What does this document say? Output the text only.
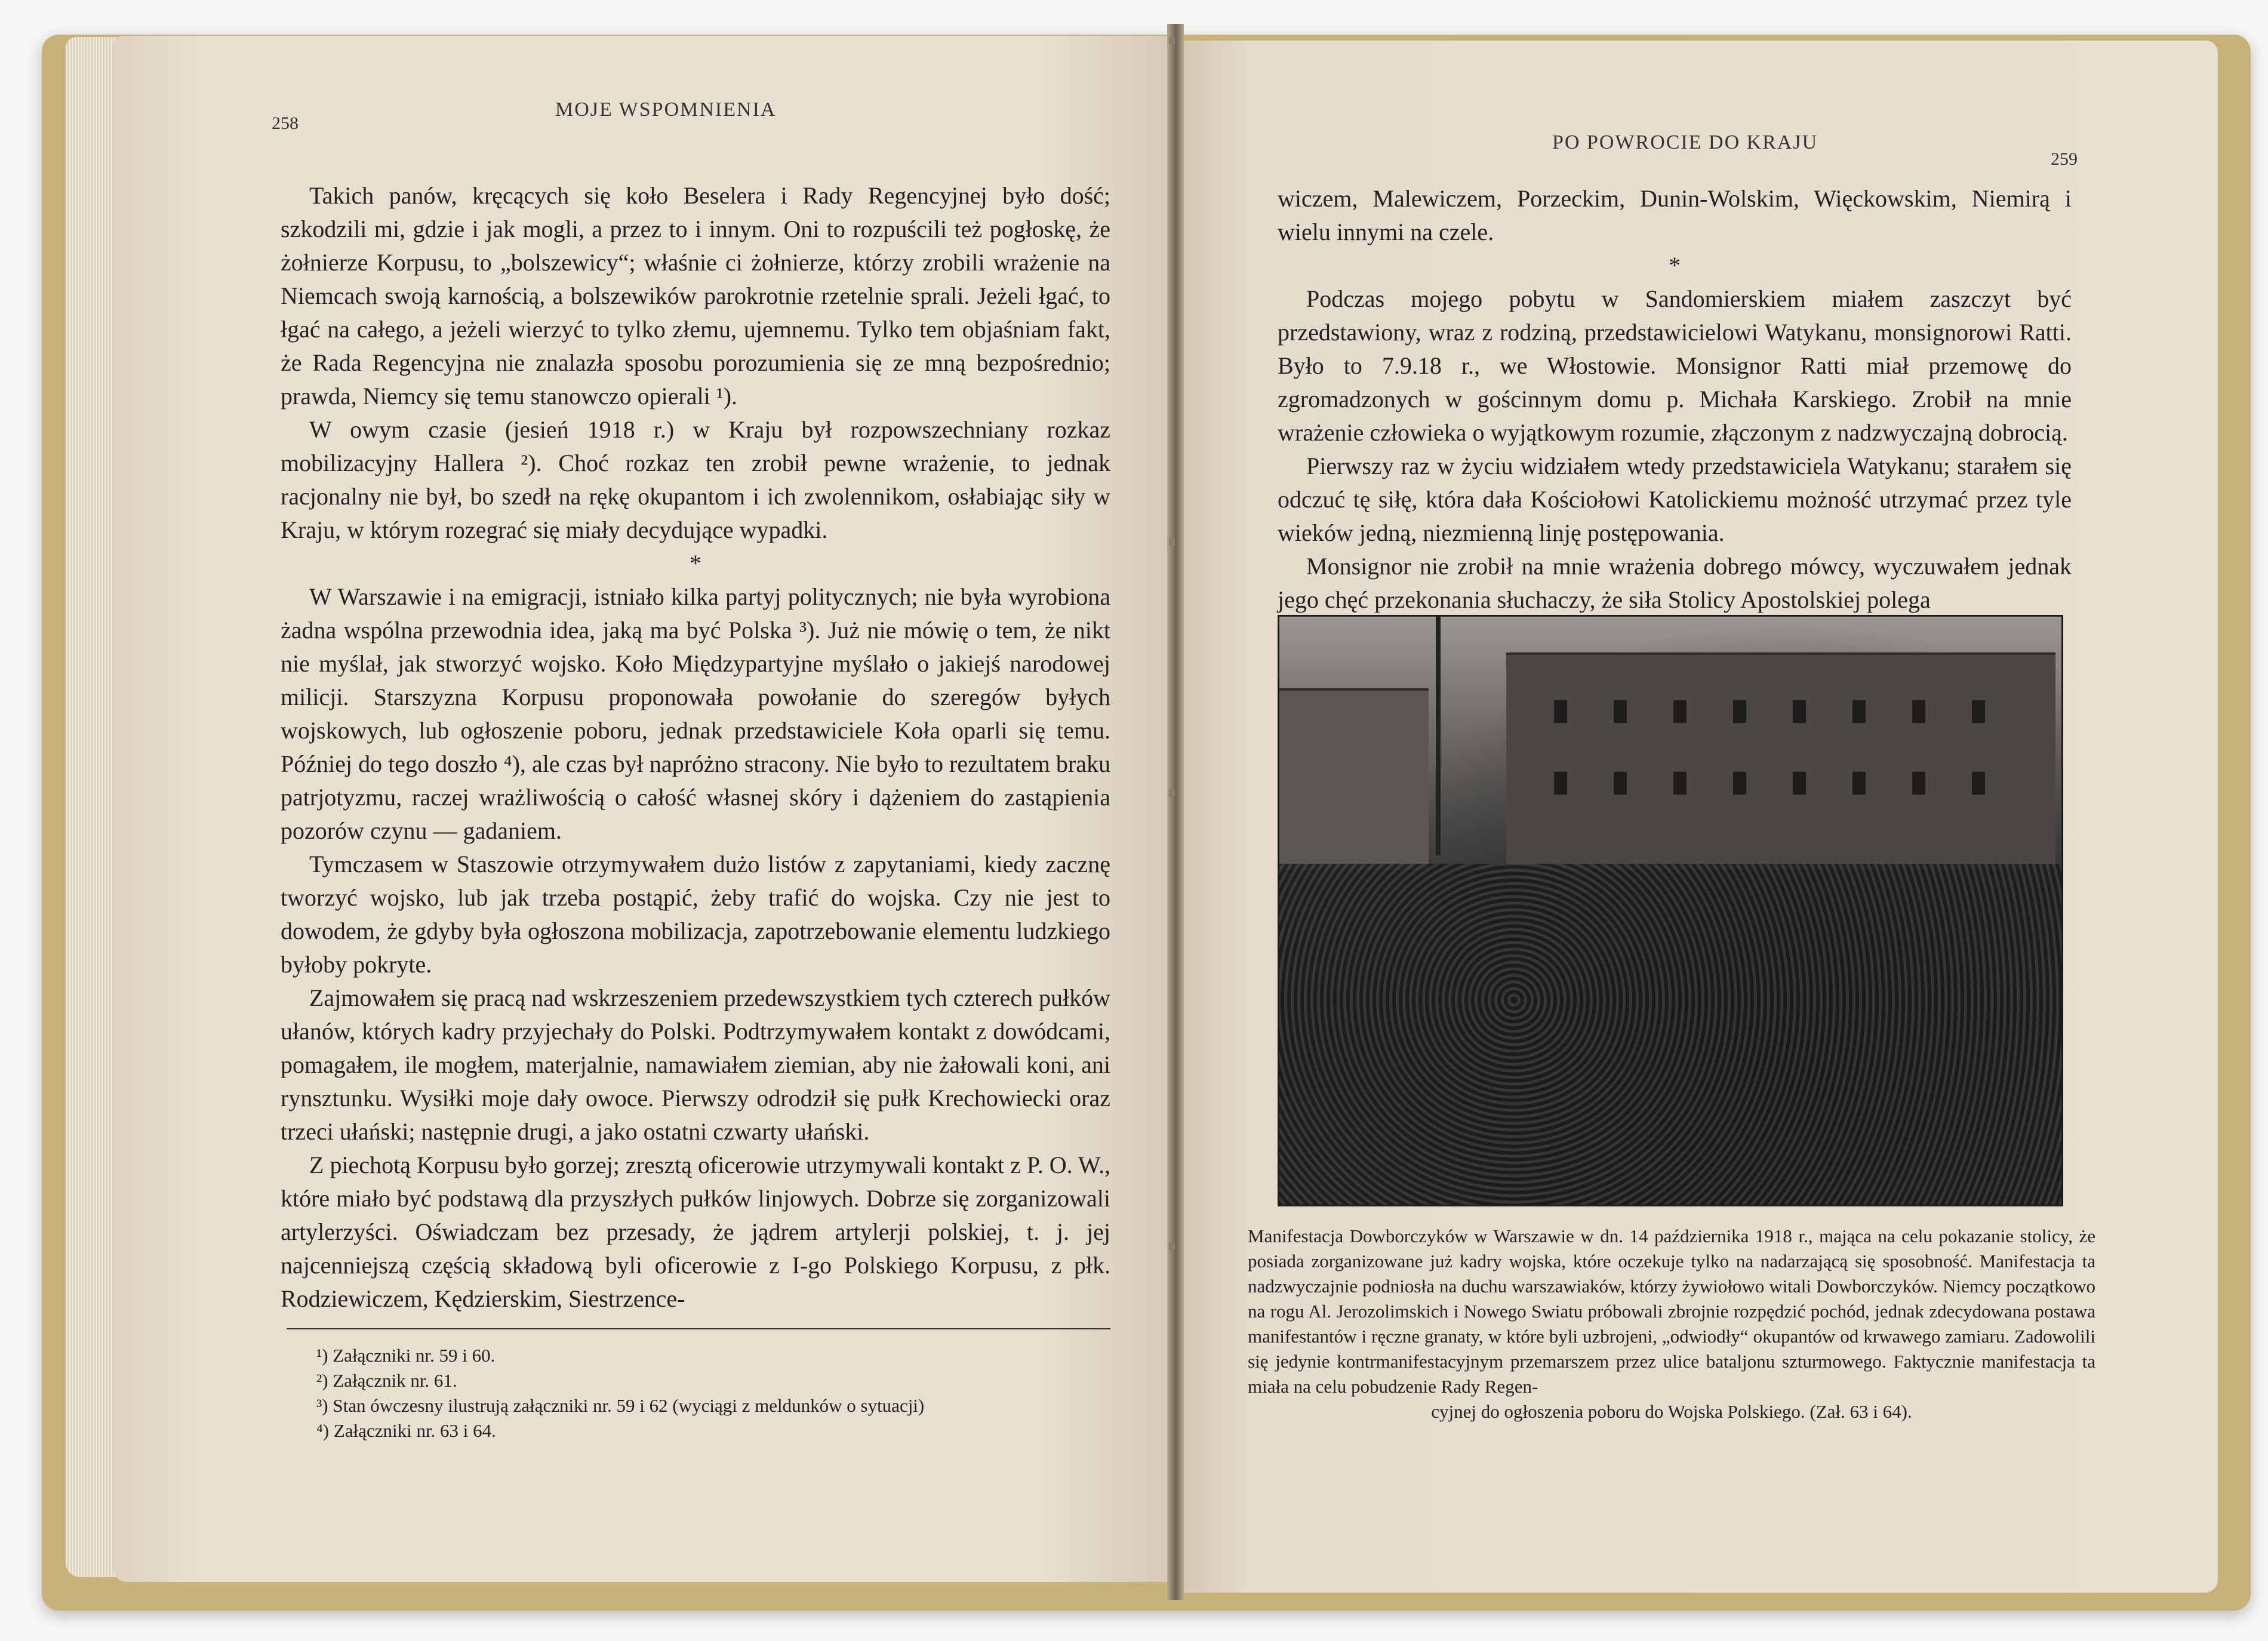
258
MOJE WSPOMNIENIA

Takich panów, kręcących się koło Beselera i Rady Regencyjnej było dość; szkodzili mi, gdzie i jak mogli, a przez to i innym. Oni to rozpuścili też pogłoskę, że żołnierze Korpusu, to „bolszewicy“; właśnie ci żołnierze, którzy zrobili wrażenie na Niemcach swoją karnością, a bolszewików parokrotnie rzetelnie sprali. Jeżeli łgać, to łgać na całego, a jeżeli wierzyć to tylko złemu, ujemnemu. Tylko tem objaśniam fakt, że Rada Regencyjna nie znalazła sposobu porozumienia się ze mną bezpośrednio; prawda, Niemcy się temu stanowczo opierali ¹).

W owym czasie (jesień 1918 r.) w Kraju był rozpowszechniany rozkaz mobilizacyjny Hallera ²). Choć rozkaz ten zrobił pewne wrażenie, to jednak racjonalny nie był, bo szedł na rękę okupantom i ich zwolennikom, osłabiając siły w Kraju, w którym rozegrać się miały decydujące wypadki.

*

W Warszawie i na emigracji, istniało kilka partyj politycznych; nie była wyrobiona żadna wspólna przewodnia idea, jaką ma być Polska ³). Już nie mówię o tem, że nikt nie myślał, jak stworzyć wojsko. Koło Międzypartyjne myślało o jakiejś narodowej milicji. Starszyzna Korpusu proponowała powołanie do szeregów byłych wojskowych, lub ogłoszenie poboru, jednak przedstawiciele Koła oparli się temu. Później do tego doszło ⁴), ale czas był napróżno stracony. Nie było to rezultatem braku patrjotyzmu, raczej wrażliwością o całość własnej skóry i dążeniem do zastąpienia pozorów czynu — gadaniem.

Tymczasem w Staszowie otrzymywałem dużo listów z zapytaniami, kiedy zacznę tworzyć wojsko, lub jak trzeba postąpić, żeby trafić do wojska. Czy nie jest to dowodem, że gdyby była ogłoszona mobilizacja, zapotrzebowanie elementu ludzkiego byłoby pokryte.

Zajmowałem się pracą nad wskrzeszeniem przedewszystkiem tych czterech pułków ułanów, których kadry przyjechały do Polski. Podtrzymywałem kontakt z dowódcami, pomagałem, ile mogłem, materjalnie, namawiałem ziemian, aby nie żałowali koni, ani rynsztunku. Wysiłki moje dały owoce. Pierwszy odrodził się pułk Krechowiecki oraz trzeci ułański; następnie drugi, a jako ostatni czwarty ułański.

Z piechotą Korpusu było gorzej; zresztą oficerowie utrzymywali kontakt z P. O. W., które miało być podstawą dla przyszłych pułków linjowych. Dobrze się zorganizowali artylerzyści. Oświadczam bez przesady, że jądrem artylerji polskiej, t. j. jej najcenniejszą częścią składową byli oficerowie z I-go Polskiego Korpusu, z płk. Rodziewiczem, Kędzierskim, Siestrzence-

¹) Załączniki nr. 59 i 60.
²) Załącznik nr. 61.
³) Stan ówczesny ilustrują załączniki nr. 59 i 62 (wyciągi z meldunków o sytuacji)
⁴) Załączniki nr. 63 i 64.
PO POWROCIE DO KRAJU
259

wiczem, Malewiczem, Porzeckim, Dunin-Wolskim, Więckowskim, Niemirą i wielu innymi na czele.

*

Podczas mojego pobytu w Sandomierskiem miałem zaszczyt być przedstawiony, wraz z rodziną, przedstawicielowi Watykanu, monsignorowi Ratti. Było to 7.9.18 r., we Włostowie. Monsignor Ratti miał przemowę do zgromadzonych w gościnnym domu p. Michała Karskiego. Zrobił na mnie wrażenie człowieka o wyjątkowym rozumie, złączonym z nadzwyczajną dobrocią.

Pierwszy raz w życiu widziałem wtedy przedstawiciela Watykanu; starałem się odczuć tę siłę, która dała Kościołowi Katolickiemu możność utrzymać przez tyle wieków jedną, niezmienną linję postępowania.

Monsignor nie zrobił na mnie wrażenia dobrego mówcy, wyczuwałem jednak jego chęć przekonania słuchaczy, że siła Stolicy Apostolskiej polega

Manifestacja Dowborczyków w Warszawie w dn. 14 października 1918 r., mająca na celu pokazanie stolicy, że posiada zorganizowane już kadry wojska, które oczekuje tylko na nadarzającą się sposobność. Manifestacja ta nadzwyczajnie podniosła na duchu warszawiaków, którzy żywiołowo witali Dowborczyków. Niemcy początkowo na rogu Al. Jerozolimskich i Nowego Swiatu próbowali zbrojnie rozpędzić pochód, jednak zdecydowana postawa manifestantów i ręczne granaty, w które byli uzbrojeni, „odwiodły“ okupantów od krwawego zamiaru. Zadowolili się jedynie kontrmanifestacyjnym przemarszem przez ulice bataljonu szturmowego. Faktycznie manifestacja ta miała na celu pobudzenie Rady Regen-

cyjnej do ogłoszenia poboru do Wojska Polskiego. (Zał. 63 i 64).
